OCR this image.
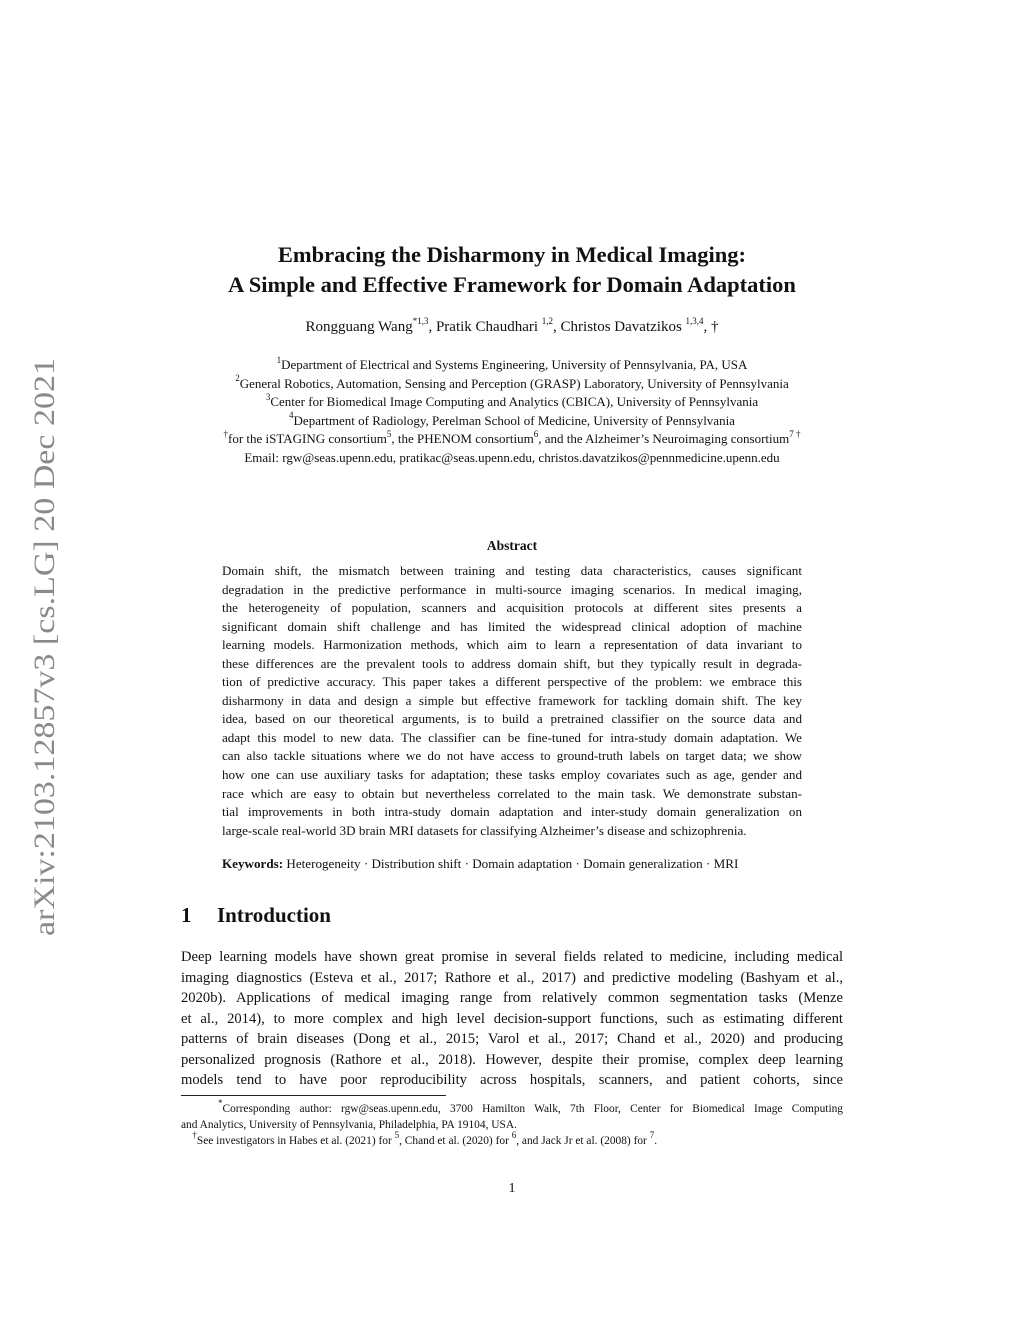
arXiv:2103.12857v3 [cs.LG] 20 Dec 2021
Embracing the Disharmony in Medical Imaging:
A Simple and Effective Framework for Domain Adaptation
Rongguang Wang$^{*1,3}$, Pratik Chaudhari $^{1,2}$, Christos Davatzikos $^{1,3,4}$, †
$^1$Department of Electrical and Systems Engineering, University of Pennsylvania, PA, USA
$^2$General Robotics, Automation, Sensing and Perception (GRASP) Laboratory, University of Pennsylvania
$^3$Center for Biomedical Image Computing and Analytics (CBICA), University of Pennsylvania
$^4$Department of Radiology, Perelman School of Medicine, University of Pennsylvania
†for the iSTAGING consortium$^5$, the PHENOM consortium$^6$, and the Alzheimer’s Neuroimaging consortium$^{7 \dagger}$
Email: rgw@seas.upenn.edu, pratikac@seas.upenn.edu, christos.davatzikos@pennmedicine.upenn.edu
Abstract
Domain shift, the mismatch between training and testing data characteristics, causes significant
degradation in the predictive performance in multi-source imaging scenarios. In medical imaging,
the heterogeneity of population, scanners and acquisition protocols at different sites presents a
significant domain shift challenge and has limited the widespread clinical adoption of machine
learning models. Harmonization methods, which aim to learn a representation of data invariant to
these differences are the prevalent tools to address domain shift, but they typically result in degrada-
tion of predictive accuracy. This paper takes a different perspective of the problem: we embrace this
disharmony in data and design a simple but effective framework for tackling domain shift. The key
idea, based on our theoretical arguments, is to build a pretrained classifier on the source data and
adapt this model to new data. The classifier can be fine-tuned for intra-study domain adaptation. We
can also tackle situations where we do not have access to ground-truth labels on target data; we show
how one can use auxiliary tasks for adaptation; these tasks employ covariates such as age, gender and
race which are easy to obtain but nevertheless correlated to the main task. We demonstrate substan-
tial improvements in both intra-study domain adaptation and inter-study domain generalization on
large-scale real-world 3D brain MRI datasets for classifying Alzheimer’s disease and schizophrenia.
Keywords: Heterogeneity · Distribution shift · Domain adaptation · Domain generalization · MRI
1 Introduction
Deep learning models have shown great promise in several fields related to medicine, including medical
imaging diagnostics (Esteva et al., 2017; Rathore et al., 2017) and predictive modeling (Bashyam et al.,
2020b). Applications of medical imaging range from relatively common segmentation tasks (Menze
et al., 2014), to more complex and high level decision-support functions, such as estimating different
patterns of brain diseases (Dong et al., 2015; Varol et al., 2017; Chand et al., 2020) and producing
personalized prognosis (Rathore et al., 2018). However, despite their promise, complex deep learning
models tend to have poor reproducibility across hospitals, scanners, and patient cohorts, since
*Corresponding author: rgw@seas.upenn.edu, 3700 Hamilton Walk, 7th Floor, Center for Biomedical Image Computing
and Analytics, University of Pennsylvania, Philadelphia, PA 19104, USA.
†See investigators in Habes et al. (2021) for $^5$, Chand et al. (2020) for $^6$, and Jack Jr et al. (2008) for $^7$.
1
